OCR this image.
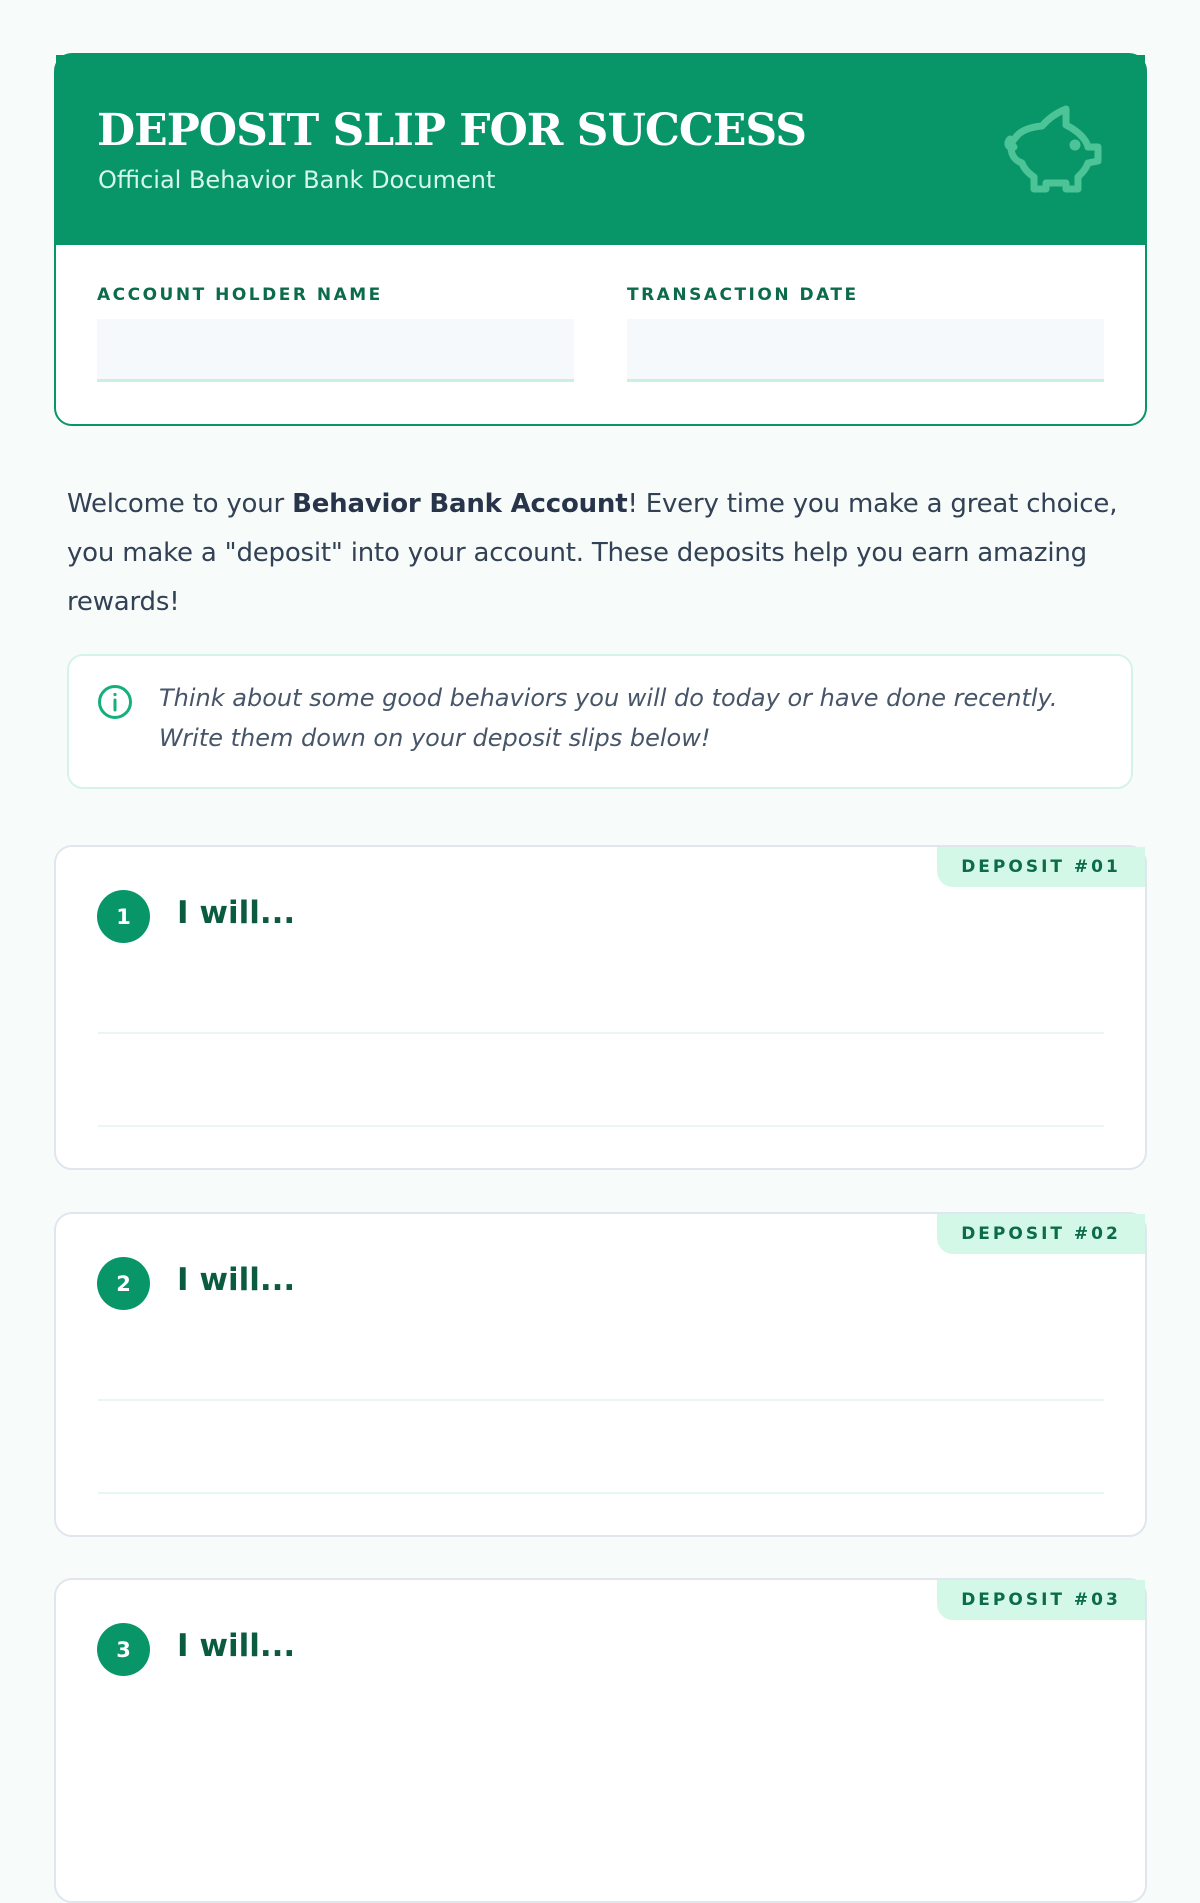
DEPOSIT SLIP FOR SUCCESS
Official Behavior Bank Document
ACCOUNT HOLDER NAME	TRANSACTION DATE

Welcome to your Behavior Bank Account! Every time you make a great choice, you make a "deposit" into your account. These deposits help you earn amazing rewards!

Think about some good behaviors you will do today or have done recently. Write them down on your deposit slips below!

DEPOSIT #01
1	I will...
DEPOSIT #02
2	I will...
DEPOSIT #03
3	I will...
